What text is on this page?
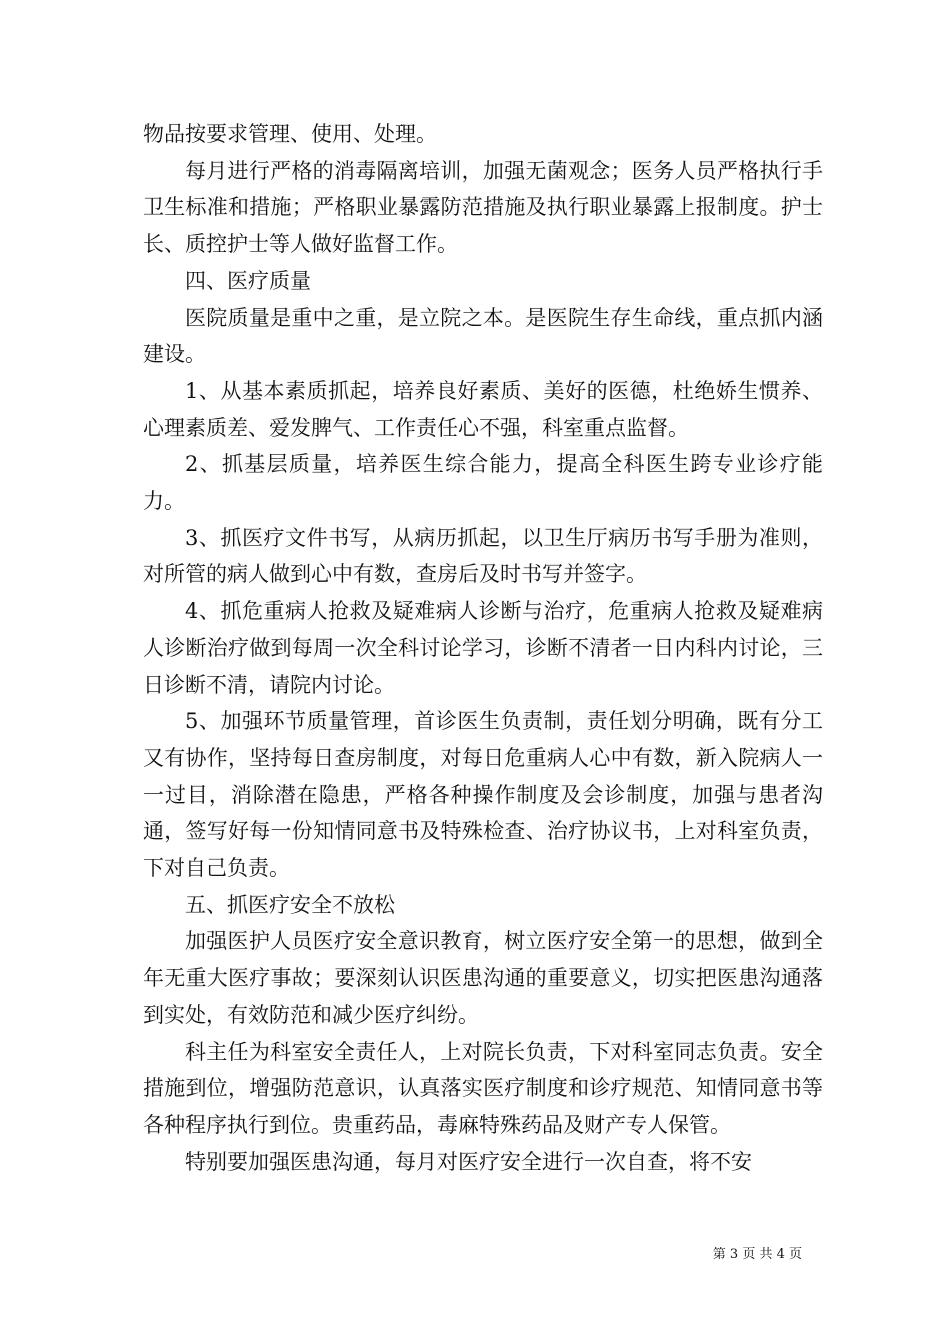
物品按要求管理、使用、处理。

每月进行严格的消毒隔离培训，加强无菌观念；医务人员严格执行手卫生标准和措施；严格职业暴露防范措施及执行职业暴露上报制度。护士长、质控护士等人做好监督工作。

四、医疗质量

医院质量是重中之重，是立院之本。是医院生存生命线，重点抓内涵建设。

1、从基本素质抓起，培养良好素质、美好的医德，杜绝娇生惯养、心理素质差、爱发脾气、工作责任心不强，科室重点监督。

2、抓基层质量，培养医生综合能力，提高全科医生跨专业诊疗能力。

3、抓医疗文件书写，从病历抓起，以卫生厅病历书写手册为准则，对所管的病人做到心中有数，查房后及时书写并签字。

4、抓危重病人抢救及疑难病人诊断与治疗，危重病人抢救及疑难病人诊断治疗做到每周一次全科讨论学习，诊断不清者一日内科内讨论，三日诊断不清，请院内讨论。

5、加强环节质量管理，首诊医生负责制，责任划分明确，既有分工又有协作，坚持每日查房制度，对每日危重病人心中有数，新入院病人一一过目，消除潜在隐患，严格各种操作制度及会诊制度，加强与患者沟通，签写好每一份知情同意书及特殊检查、治疗协议书，上对科室负责，下对自己负责。

五、抓医疗安全不放松

加强医护人员医疗安全意识教育，树立医疗安全第一的思想，做到全年无重大医疗事故；要深刻认识医患沟通的重要意义，切实把医患沟通落到实处，有效防范和减少医疗纠纷。

科主任为科室安全责任人，上对院长负责，下对科室同志负责。安全措施到位，增强防范意识，认真落实医疗制度和诊疗规范、知情同意书等各种程序执行到位。贵重药品，毒麻特殊药品及财产专人保管。

特别要加强医患沟通，每月对医疗安全进行一次自查，将不安

第 3 页 共 4 页
